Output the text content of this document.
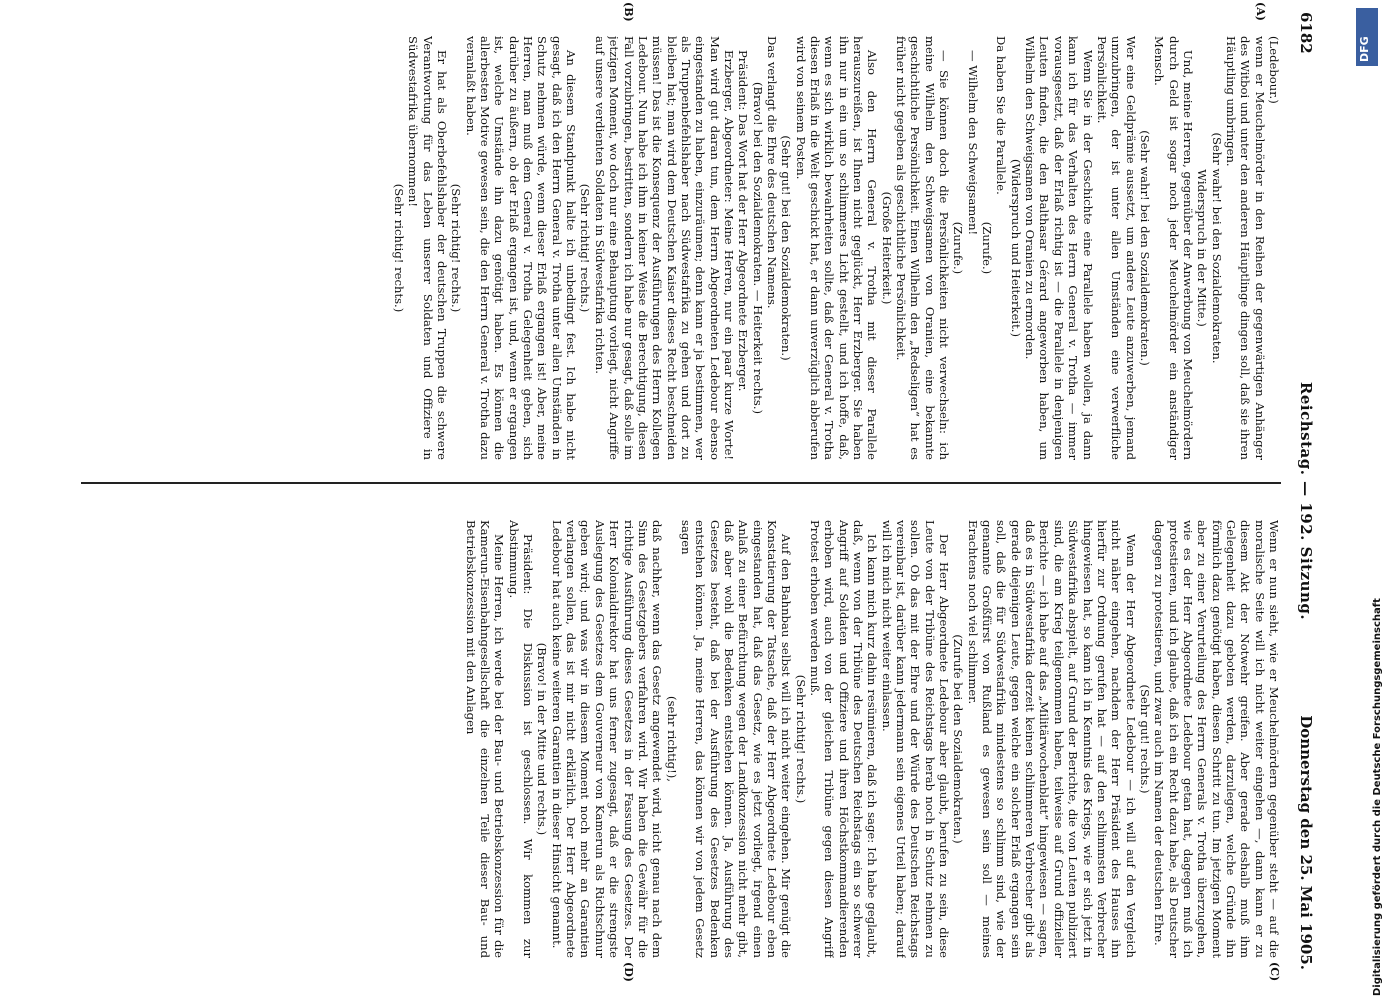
6182
Reichstag. — 192. Sitzung.
Donnerstag den 25. Mai 1905.
(A)
(B)
(C)
(D)

(Ledebour.)

wenn er Meuchelmörder in den Reihen der gegenwärtigen Anhänger des Witboi und unter den anderen Häuptlinge dingen soll, daß sie ihren Häuptling umbringen.

(Sehr wahr! bei den Sozialdemokraten.

Widerspruch in der Mitte.)

Und, meine Herren, gegenüber der Anwerbung von Meuchelmördern durch Geld ist sogar noch jeder Meuchelmörder ein anständiger Mensch.

(Sehr wahr! bei den Sozialdemokraten.)

Wer eine Geldprämie aussetzt, um andere Leute anzuwerben, jemand umzubringen, der ist unter allen Umständen eine verwerfliche Persönlichkeit.

Wenn Sie in der Geschichte eine Parallele haben wollen, ja dann kann ich für das Verhalten des Herrn General v. Trotha — immer vorausgesetzt, daß der Erlaß richtig ist — die Parallele in denjenigen Leuten finden, die den Balthasar Gérard angeworben haben, um Wilhelm den Schweigsamen von Oranien zu ermorden.

(Widerspruch und Heiterkeit.)

Da haben Sie die Parallele.

(Zurufe.)

— Wilhelm den Schweigsamen!

(Zurufe.)

— Sie können doch die Persönlichkeiten nicht verwechseln: ich meine Wilhelm den Schweigsamen von Oranien, eine bekannte geschichtliche Persönlichkeit. Einen Wilhelm den „Redseligen“ hat es früher nicht gegeben als geschichtliche Persönlichkeit.

(Große Heiterkeit.)

Also den Herrn General v. Trotha mit dieser Parallele herauszureißen, ist Ihnen nicht geglückt, Herr Erzberger. Sie haben ihn nur in ein um so schlimmeres Licht gestellt, und ich hoffe, daß, wenn es sich wirklich bewahrheiten sollte, daß der General v. Trotha diesen Erlaß in die Welt geschickt hat, er dann unverzüglich abberufen wird von seinem Posten.

(Sehr gut! bei den Sozialdemokraten.)

Das verlangt die Ehre des deutschen Namens.

(Bravo! bei den Sozialdemokraten. — Heiterkeit rechts.)

Präsident: Das Wort hat der Herr Abgeordnete Erzberger.

Erzberger, Abgeordneter: Meine Herren, nur ein paar kurze Worte! Man wird gut daran tun, dem Herrn Abgeordneten Ledebour ebenso eingestanden zu haben, einzuräumen; denn kann er ja bestimmen, wer als Truppenbefehlshaber nach Südwestafrika zu gehen und dort zu bleiben hat; man wird dem Deutschen Kaiser dieses Recht beschneiden müssen! Das ist die Konsequenz der Ausführungen des Herrn Kollegen Ledebour. Nun habe ich ihm in keiner Weise die Berechtigung, diesen Fall vorzubringen, bestritten, sondern ich habe nur gesagt, daß solle im jetzigen Moment, wo doch nur eine Behauptung vorliegt, nicht Angriffe auf unsere verdienten Soldaten in Südwestafrika richten.

(Sehr richtig! rechts.)

An diesem Standpunkt halte ich unbedingt fest. Ich habe nicht gesagt, daß ich den Herrn General v. Trotha unter allen Umständen in Schutz nehmen würde, wenn dieser Erlaß ergangen ist! Aber, meine Herren, man muß dem General v. Trotha Gelegenheit geben, sich darüber zu äußern, ob der Erlaß ergangen ist, und, wenn er ergangen ist, welche Umstände ihn dazu genötigt haben. Es können die allerbesten Motive gewesen sein, die den Herrn General v. Trotha dazu veranlaßt haben.

(Sehr richtig! rechts.)

Er hat als Oberbefehlshaber der deutschen Truppen die schwere Verantwortung für das Leben unserer Soldaten und Offiziere in Südwestafrika übernommen!

(Sehr richtig! rechts.)

Wenn er nun sieht, wie er Meuchelmördern gegenüber steht — auf die moralische Seite will ich nicht weiter eingehen —, dann kann er zu diesem Akt der Notwehr greifen. Aber gerade deshalb muß ihm Gelegenheit dazu geboten werden, darzulegen, welche Gründe ihn förmlich dazu genötigt haben, diesen Schritt zu tun. Im jetzigen Moment aber zu einer Verurteilung des Herrn Generals v. Trotha überzugehen, wie es der Herr Abgeordnete Ledebour getan hat, dagegen muß ich protestieren, und ich glaube, daß ich ein Recht dazu habe, als Deutscher dagegen zu protestieren, und zwar auch im Namen der deutschen Ehre.

(Sehr gut! rechts.)

Wenn der Herr Abgeordnete Ledebour — ich will auf den Vergleich nicht näher eingehen, nachdem der Herr Präsident des Hauses ihn hierfür zur Ordnung gerufen hat — auf den schlimmsten Verbrecher hingewiesen hat, so kann ich in Kenntnis des Kriegs, wie er sich jetzt in Südwestafrika abspielt, auf Grund der Berichte, die von Leuten publiziert sind, die am Krieg teilgenommen haben, teilweise auf Grund offizieller Berichte — ich habe auf das „Militärwochenblatt“ hingewiesen — sagen, daß es in Südwestafrika derzeit keinen schlimmeren Verbrecher gibt als gerade diejenigen Leute, gegen welche ein solcher Erlaß ergangen sein soll, daß die für Südwestafrika mindestens so schlimm sind, wie der genannte Großfürst von Rußland es gewesen sein soll — meines Erachtens noch viel schlimmer.

(Zurufe bei den Sozialdemokraten.)

Der Herr Abgeordnete Ledebour aber glaubt, berufen zu sein, diese Leute von der Tribüne des Reichstags herab noch in Schutz nehmen zu sollen. Ob das mit der Ehre und der Würde des Deutschen Reichstags vereinbar ist, darüber kann jedermann sein eigenes Urteil haben; darauf will ich mich nicht weiter einlassen.

Ich kann mich kurz dahin resümieren, daß ich sage: Ich habe geglaubt, daß, wenn von der Tribüne des Deutschen Reichstags ein so schwerer Angriff auf Soldaten und Offiziere und ihren Höchstkommandierenden erhoben wird, auch von der gleichen Tribüne gegen diesen Angriff Protest erhoben werden muß.

(Sehr richtig! rechts.)

Auf den Bahnbau selbst will ich nicht weiter eingehen. Mir genügt die Konstatierung der Tatsache, daß der Herr Abgeordnete Ledebour eben eingestanden hat, daß das Gesetz, wie es jetzt vorliegt, irgend einen Anlaß zu einer Befürchtung wegen der Landkonzession nicht mehr gibt, daß aber wohl die Bedenken entstehen können. Ja, Ausführung des Gesetzes besteht, daß bei der Ausführung des Gesetzes Bedenken entstehen können. Ja, meine Herren, das können wir von jedem Gesetz sagen

(sehr richtig!),

daß nachher, wenn das Gesetz angewendet wird, nicht genau nach dem Sinn des Gesetzgebers verfahren wird. Wir haben die Gewähr für die richtige Ausführung dieses Gesetzes in der Fassung des Gesetzes. Der Herr Kolonialdirektor hat uns ferner zugesagt, daß er die strengste Auslegung des Gesetzes dem Gouverneur von Kamerun als Richtschnur geben wird; und was wir in diesem Moment noch mehr an Garantien verlangen sollen, das ist mir nicht erklärlich. Der Herr Abgeordnete Ledebour hat auch keine weiteren Garantien in dieser Hinsicht genannt.

(Bravo! in der Mitte und rechts.)

Präsident: Die Diskussion ist geschlossen. Wir kommen zur Abstimmung.

Meine Herren, ich werde bei der Bau- und Betriebskonzession für die Kamerun-Eisenbahngesellschaft die einzelnen Teile dieser Bau- und Betriebskonzession mit den Anlagen	Digitalisierung gefördert durch die Deutsche Forschungsgemeinschaft
DFG
